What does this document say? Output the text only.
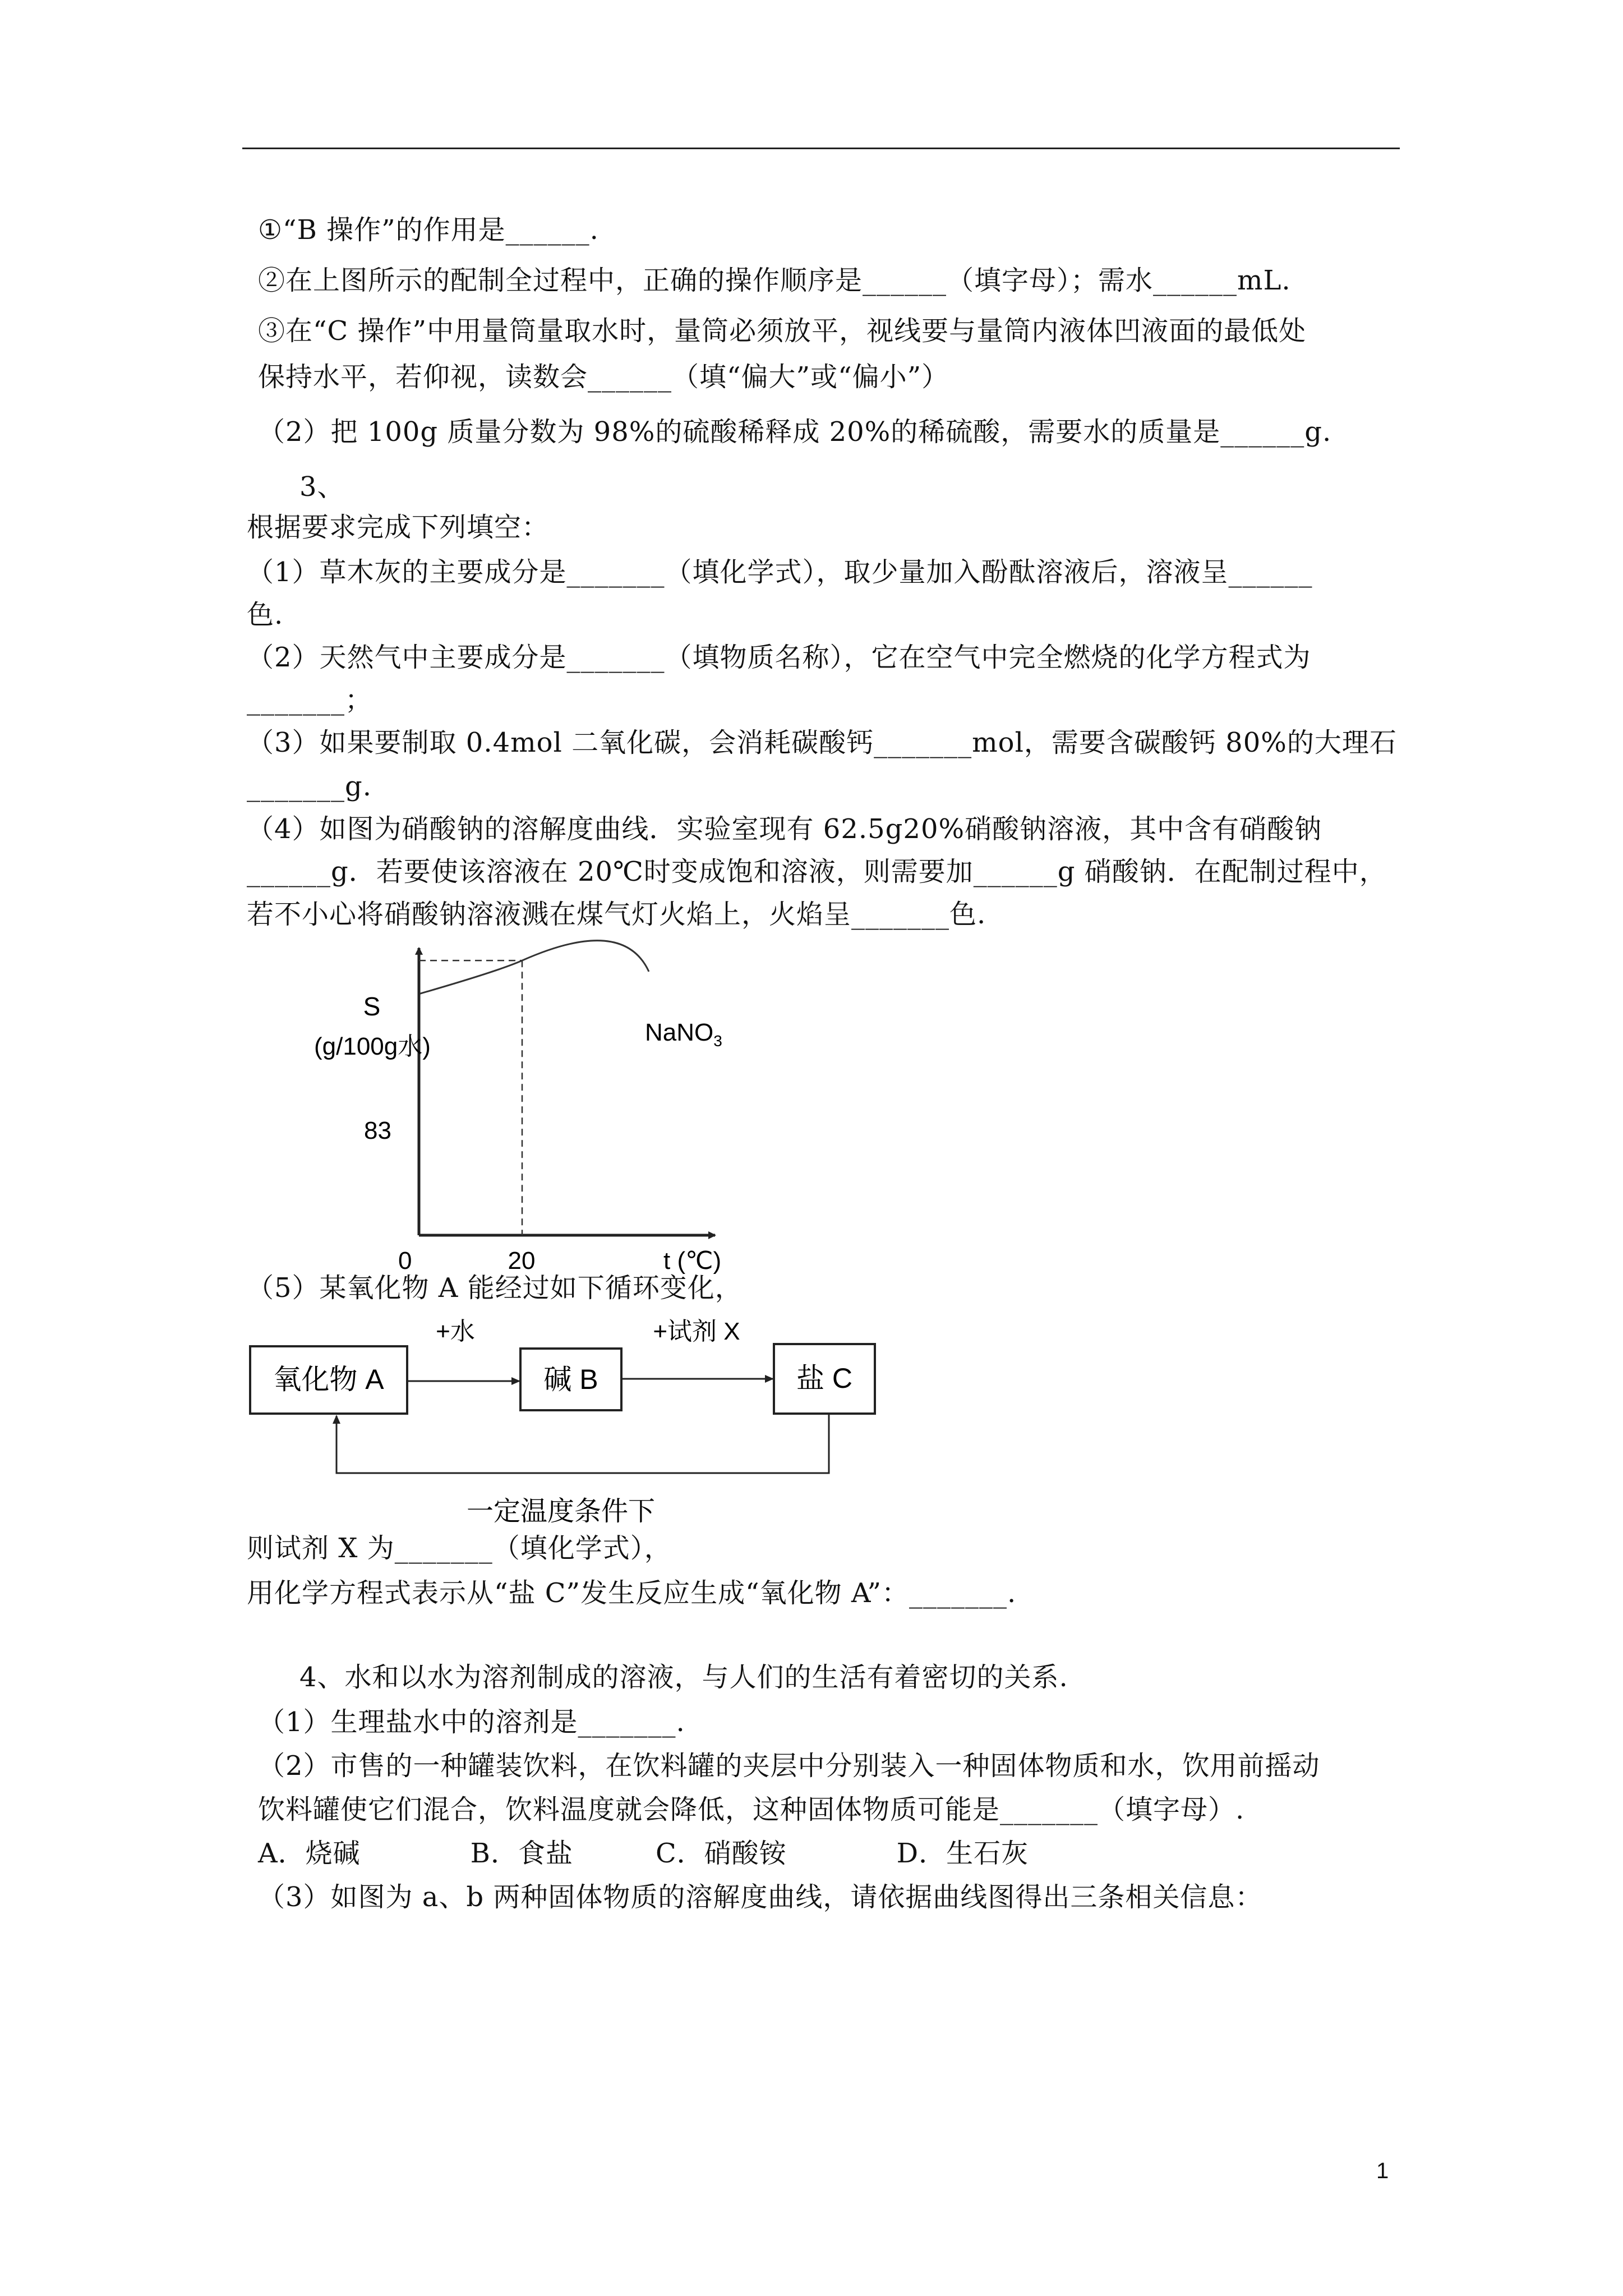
①“B 操作”的作用是______.
②在上图所示的配制全过程中，正确的操作顺序是______（填字母）；需水______mL.
③在“C 操作”中用量筒量取水时，量筒必须放平，视线要与量筒内液体凹液面的最低处
保持水平，若仰视，读数会______（填“偏大”或“偏小”）
（2）把 100g 质量分数为 98%的硫酸稀释成 20%的稀硫酸，需要水的质量是______g.
3、
根据要求完成下列填空：
（1）草木灰的主要成分是_______（填化学式），取少量加入酚酞溶液后，溶液呈______
色.
（2）天然气中主要成分是_______（填物质名称），它在空气中完全燃烧的化学方程式为
_______；
（3）如果要制取 0.4mol 二氧化碳，会消耗碳酸钙_______mol，需要含碳酸钙 80%的大理石
_______g.
（4）如图为硝酸钠的溶解度曲线．实验室现有 62.5g20%硝酸钠溶液，其中含有硝酸钠
______g．若要使该溶液在 20℃时变成饱和溶液，则需要加______g 硝酸钠．在配制过程中，
若不小心将硝酸钠溶液溅在煤气灯火焰上，火焰呈_______色.
S
(g/100g水)
83
0	20	t (℃)
NaNO$_3$
（5）某氧化物 A 能经过如下循环变化，
氧化物 A	碱 B	盐 C
+水	+试剂 X
一定温度条件下
则试剂 X 为_______（填化学式），
用化学方程式表示从“盐 C”发生反应生成“氧化物 A”：_______.
4、水和以水为溶剂制成的溶液，与人们的生活有着密切的关系.
（1）生理盐水中的溶剂是_______.
（2）市售的一种罐装饮料，在饮料罐的夹层中分别装入一种固体物质和水，饮用前摇动
饮料罐使它们混合，饮料温度就会降低，这种固体物质可能是_______（填字母）.
A．烧碱　　　　B．食盐　　　C．硝酸铵　　　　D．生石灰
（3）如图为 a、b 两种固体物质的溶解度曲线，请依据曲线图得出三条相关信息：
1
